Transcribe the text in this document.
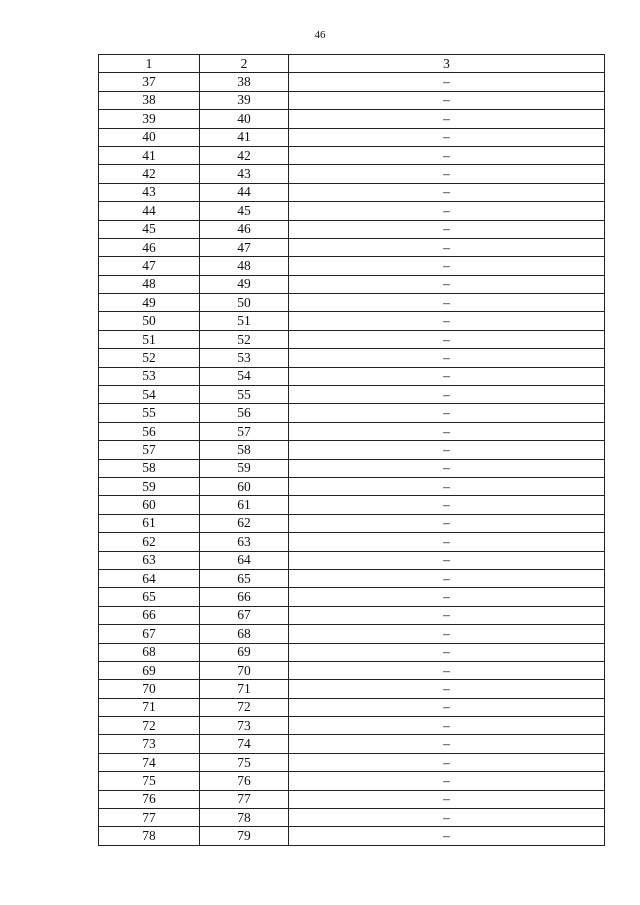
46
1	2	3
37	38	–
38	39	–
39	40	–
40	41	–
41	42	–
42	43	–
43	44	–
44	45	–
45	46	–
46	47	–
47	48	–
48	49	–
49	50	–
50	51	–
51	52	–
52	53	–
53	54	–
54	55	–
55	56	–
56	57	–
57	58	–
58	59	–
59	60	–
60	61	–
61	62	–
62	63	–
63	64	–
64	65	–
65	66	–
66	67	–
67	68	–
68	69	–
69	70	–
70	71	–
71	72	–
72	73	–
73	74	–
74	75	–
75	76	–
76	77	–
77	78	–
78	79	–
